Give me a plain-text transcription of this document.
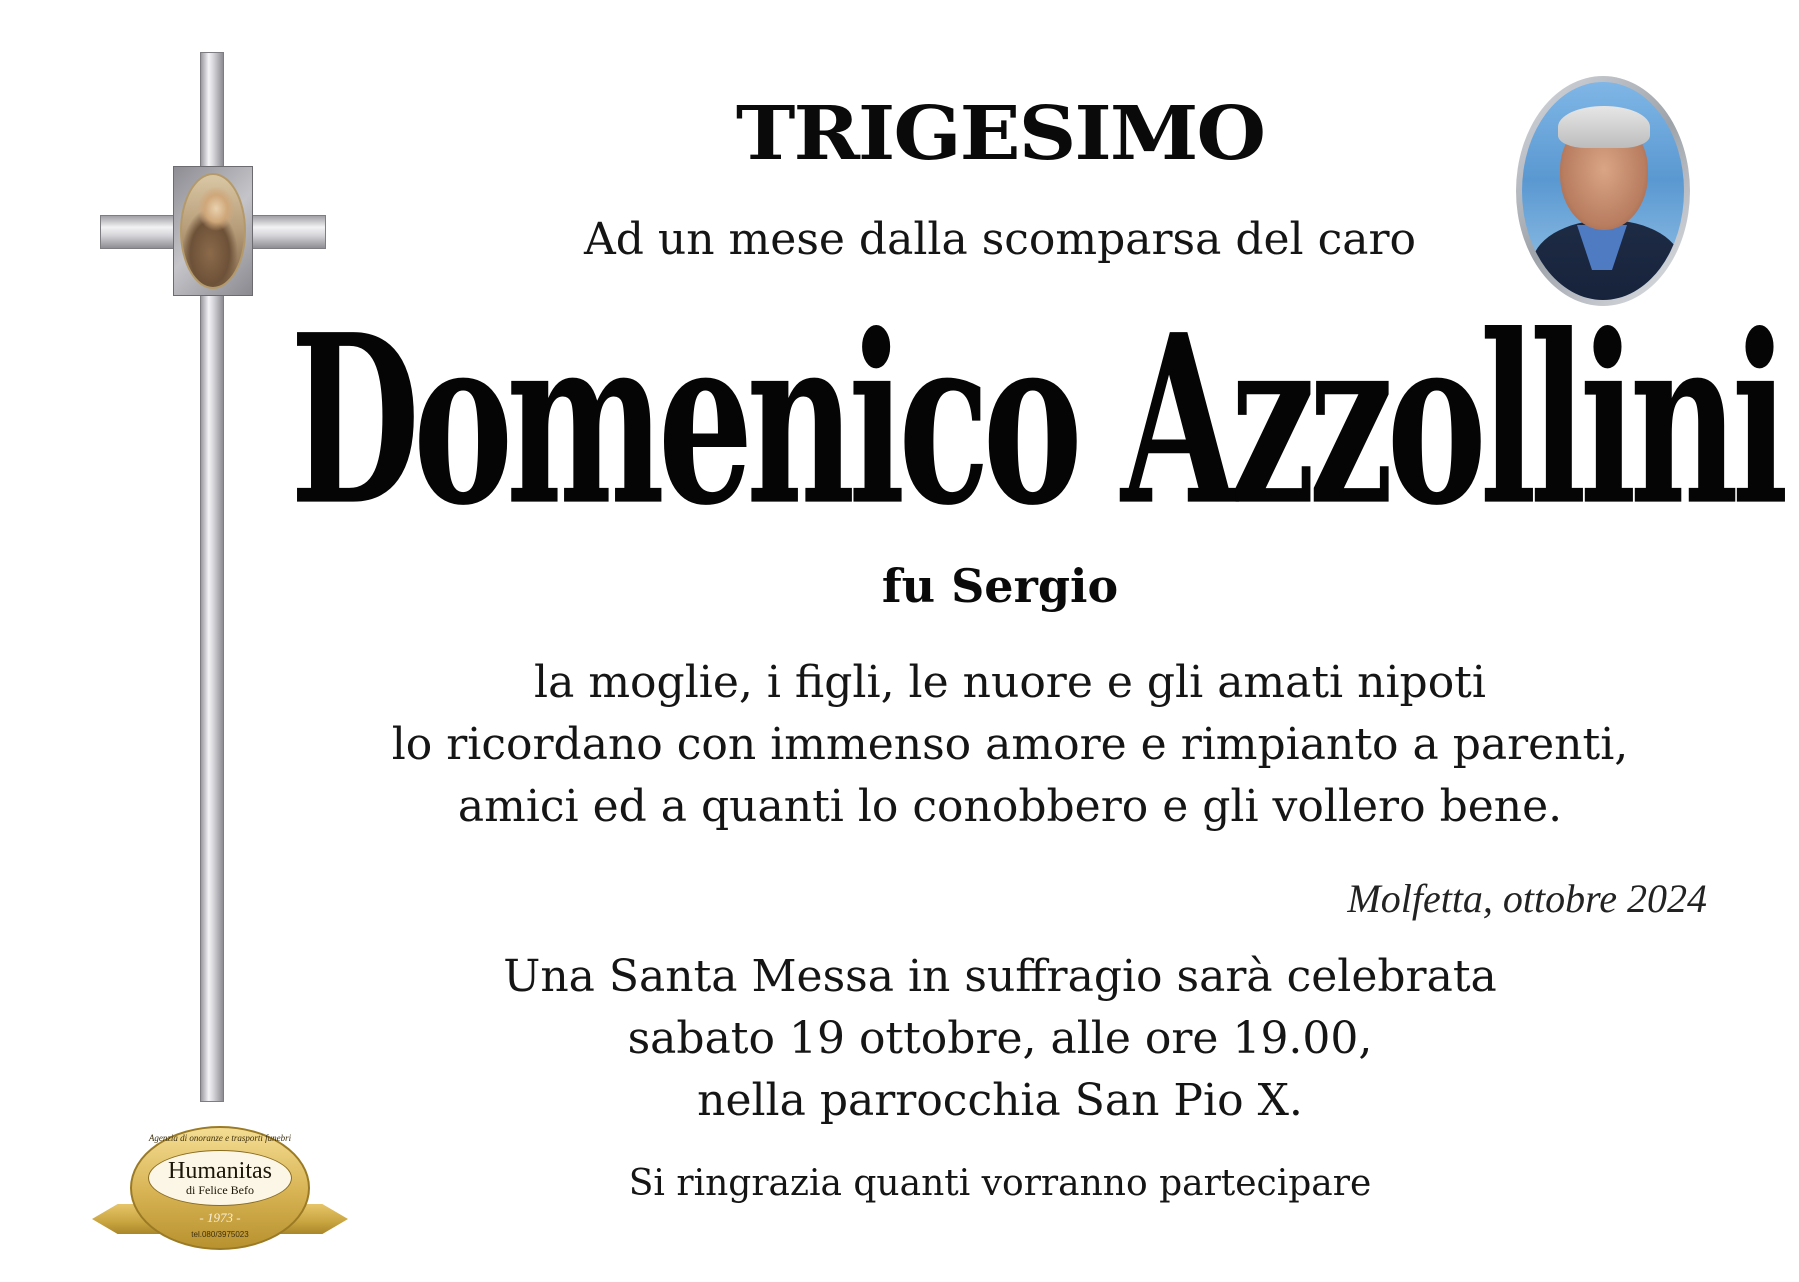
TRIGESIMO
Ad un mese dalla scomparsa del caro
Domenico Azzollini
fu Sergio
la moglie, i figli, le nuore e gli amati nipoti
lo ricordano con immenso amore e rimpianto a parenti,
amici ed a quanti lo conobbero e gli vollero bene.
Molfetta, ottobre 2024
Una Santa Messa in suffragio sarà celebrata
sabato 19 ottobre, alle ore 19.00,
nella parrocchia San Pio X.
Si ringrazia quanti vorranno partecipare
Agenzia di onoranze e trasporti funebri
Humanitas
di Felice Befo
- 1973 -
tel.080/3975023
